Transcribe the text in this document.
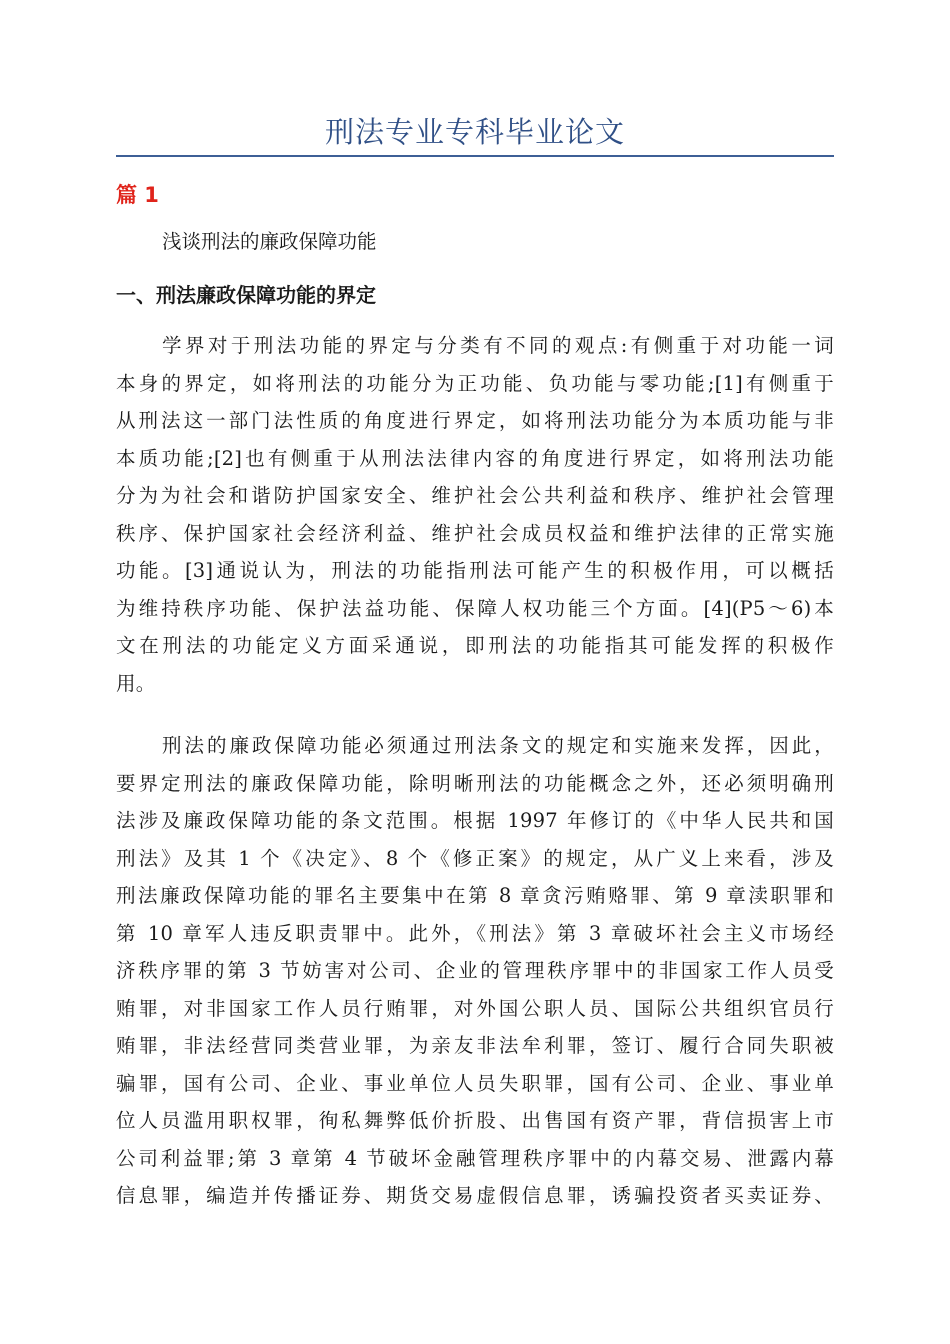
刑法专业专科毕业论文

篇 1

浅谈刑法的廉政保障功能

一、刑法廉政保障功能的界定
学界对于刑法功能的界定与分类有不同的观点:有侧重于对功能一词
本身的界定，如将刑法的功能分为正功能、负功能与零功能;[1]有侧重于
从刑法这一部门法性质的角度进行界定，如将刑法功能分为本质功能与非
本质功能;[2]也有侧重于从刑法法律内容的角度进行界定，如将刑法功能
分为为社会和谐防护国家安全、维护社会公共利益和秩序、维护社会管理
秩序、保护国家社会经济利益、维护社会成员权益和维护法律的正常实施
功能。[3]通说认为，刑法的功能指刑法可能产生的积极作用，可以概括
为维持秩序功能、保护法益功能、保障人权功能三个方面。[4](P5～6)本
文在刑法的功能定义方面采通说，即刑法的功能指其可能发挥的积极作
用。
刑法的廉政保障功能必须通过刑法条文的规定和实施来发挥，因此，
要界定刑法的廉政保障功能，除明晰刑法的功能概念之外，还必须明确刑
法涉及廉政保障功能的条文范围。根据 1997 年修订的《中华人民共和国
刑法》及其 1 个《决定》、8 个《修正案》的规定，从广义上来看，涉及
刑法廉政保障功能的罪名主要集中在第 8 章贪污贿赂罪、第 9 章渎职罪和
第 10 章军人违反职责罪中。此外，《刑法》第 3 章破坏社会主义市场经
济秩序罪的第 3 节妨害对公司、企业的管理秩序罪中的非国家工作人员受
贿罪，对非国家工作人员行贿罪，对外国公职人员、国际公共组织官员行
贿罪，非法经营同类营业罪，为亲友非法牟利罪，签订、履行合同失职被
骗罪，国有公司、企业、事业单位人员失职罪，国有公司、企业、事业单
位人员滥用职权罪，徇私舞弊低价折股、出售国有资产罪，背信损害上市
公司利益罪;第 3 章第 4 节破坏金融管理秩序罪中的内幕交易、泄露内幕
信息罪，编造并传播证券、期货交易虚假信息罪，诱骗投资者买卖证券、
